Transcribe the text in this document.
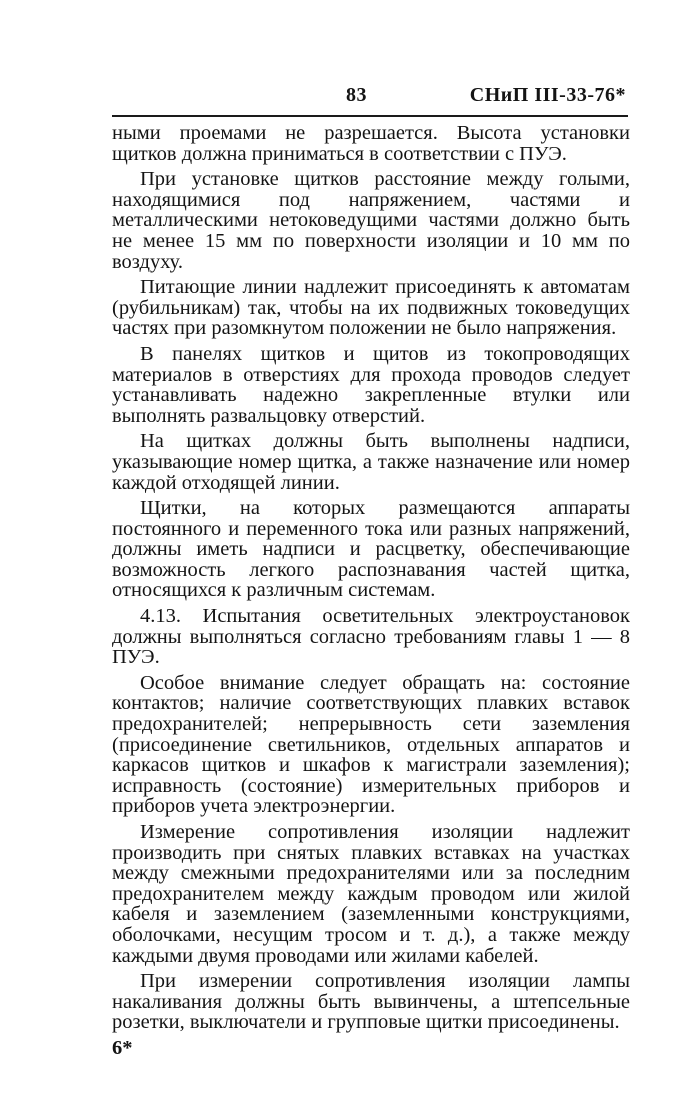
83	СНиП III-33-76*

ными проемами не разрешается. Высота установки щитков должна приниматься в соответствии с ПУЭ.

При установке щитков расстояние между голыми, находящимися под напряжением, частями и металлическими нетоковедущими частями должно быть не менее 15 мм по поверхности изоляции и 10 мм по воздуху.

Питающие линии надлежит присоединять к автоматам (рубильникам) так, чтобы на их подвижных токоведущих частях при разомкнутом положении не было напряжения.

В панелях щитков и щитов из токопроводящих материалов в отверстиях для прохода проводов следует устанавливать надежно закрепленные втулки или выполнять развальцовку отверстий.

На щитках должны быть выполнены надписи, указывающие номер щитка, а также назначение или номер каждой отходящей линии.

Щитки, на которых размещаются аппараты постоянного и переменного тока или разных напряжений, должны иметь надписи и расцветку, обеспечивающие возможность легкого распознавания частей щитка, относящихся к различным системам.

4.13. Испытания осветительных электроустановок должны выполняться согласно требованиям главы 1 — 8 ПУЭ.

Особое внимание следует обращать на: состояние контактов; наличие соответствующих плавких вставок предохранителей; непрерывность сети заземления (присоединение светильников, отдельных аппаратов и каркасов щитков и шкафов к магистрали заземления); исправность (состояние) измерительных приборов и приборов учета электроэнергии.

Измерение сопротивления изоляции надлежит производить при снятых плавких вставках на участках между смежными предохранителями или за последним предохранителем между каждым проводом или жилой кабеля и заземлением (заземленными конструкциями, оболочками, несущим тросом и т. д.), а также между каждыми двумя проводами или жилами кабелей.

При измерении сопротивления изоляции лампы накаливания должны быть вывинчены, а штепсельные розетки, выключатели и групповые щитки присоединены.

6*
